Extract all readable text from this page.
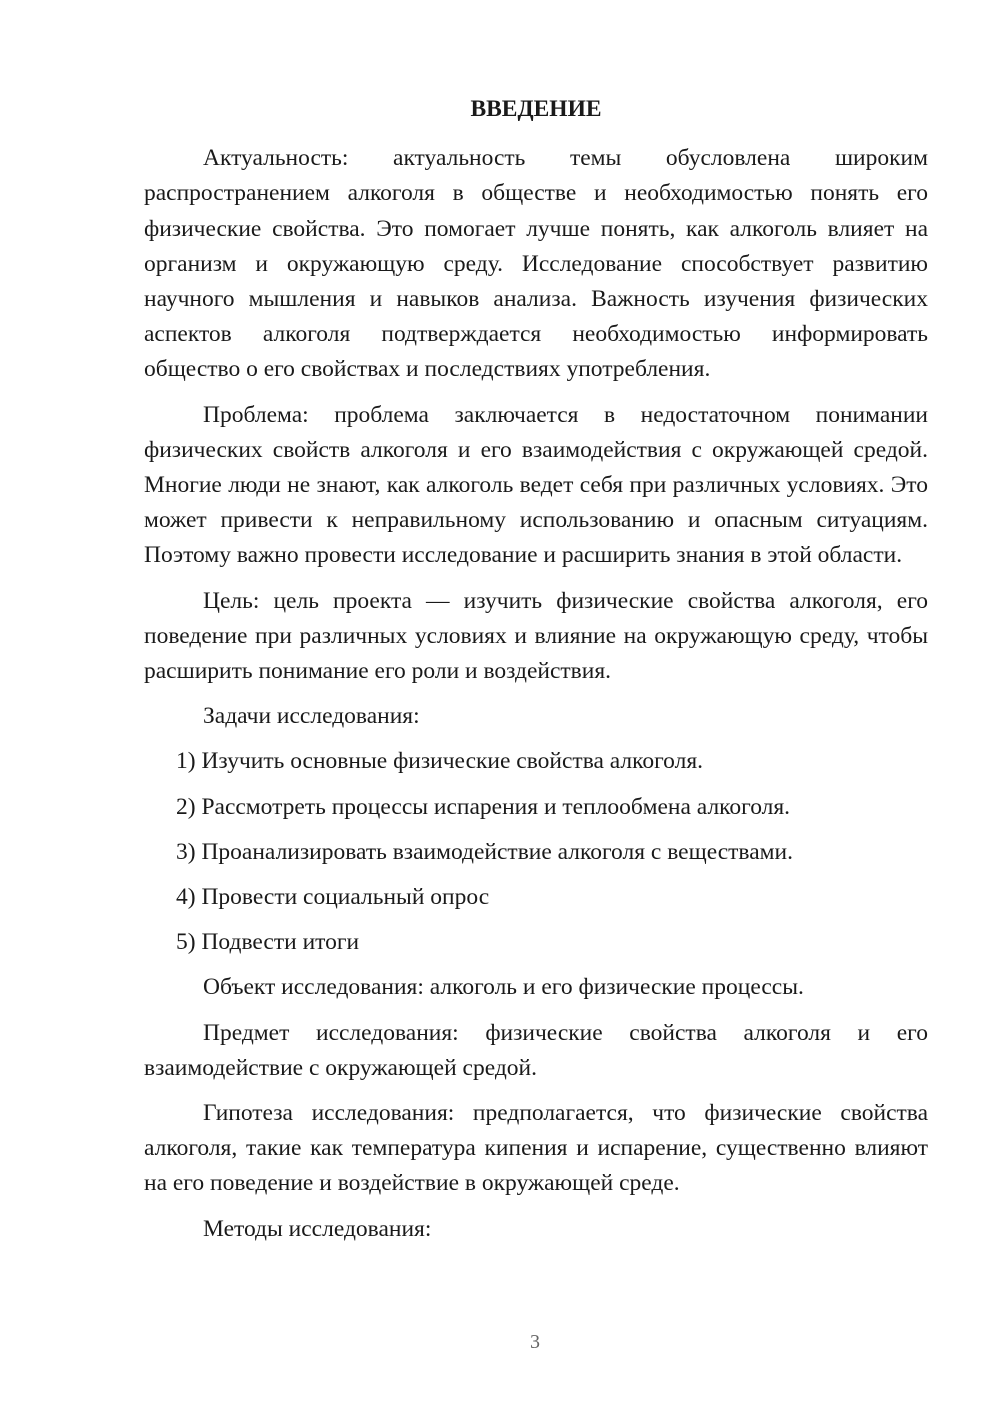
ВВЕДЕНИЕ

Актуальность: актуальность темы обусловлена широким распространением алкоголя в обществе и необходимостью понять его физические свойства. Это помогает лучше понять, как алкоголь влияет на организм и окружающую среду. Исследование способствует развитию научного мышления и навыков анализа. Важность изучения физических аспектов алкоголя подтверждается необходимостью информировать общество о его свойствах и последствиях употребления.

Проблема: проблема заключается в недостаточном понимании физических свойств алкоголя и его взаимодействия с окружающей средой. Многие люди не знают, как алкоголь ведет себя при различных условиях. Это может привести к неправильному использованию и опасным ситуациям. Поэтому важно провести исследование и расширить знания в этой области.

Цель: цель проекта — изучить физические свойства алкоголя, его поведение при различных условиях и влияние на окружающую среду, чтобы расширить понимание его роли и воздействия.

Задачи исследования:

1) Изучить основные физические свойства алкоголя.
2) Рассмотреть процессы испарения и теплообмена алкоголя.
3) Проанализировать взаимодействие алкоголя с веществами.
4) Провести социальный опрос
5) Подвести итоги

Объект исследования: алкоголь и его физические процессы.

Предмет исследования: физические свойства алкоголя и его взаимодействие с окружающей средой.

Гипотеза исследования: предполагается, что физические свойства алкоголя, такие как температура кипения и испарение, существенно влияют на его поведение и воздействие в окружающей среде.

Методы исследования:

3
